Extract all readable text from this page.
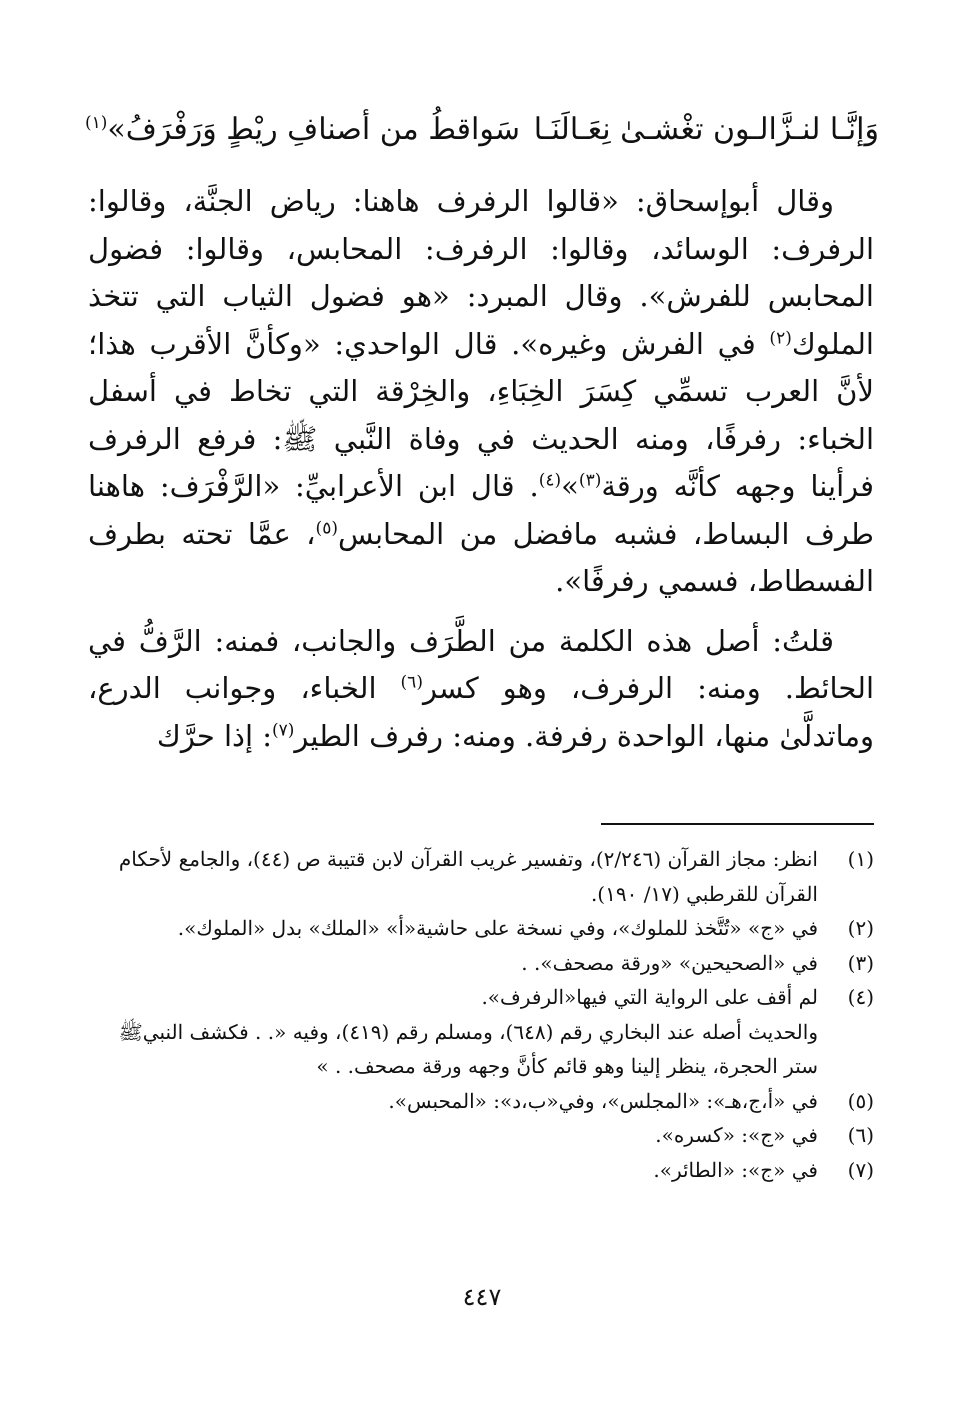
وَإنَّـا لنـزَّالـون تغْشـىٰ نِعَـالَنَـا
سَواقطُ من أصنافِ ريْطٍ وَرَفْرَفُ»$^{(١)}$

وقال أبوإسحاق: «قالوا الرفرف هاهنا: رياض الجنَّة، وقالوا: الرفرف: الوسائد، وقالوا: الرفرف: المحابس، وقالوا: فضول المحابس للفرش». وقال المبرد: «هو فضول الثياب التي تتخذ الملوك$^{(٢)}$ في الفرش وغيره». قال الواحدي: «وكأنَّ الأقرب هذا؛ لأنَّ العرب تسمِّي كِسَرَ الخِبَاءِ، والخِرْقة التي تخاط في أسفل الخباء: رفرفًا، ومنه الحديث في وفاة النَّبي ﷺ: فرفع الرفرف فرأينا وجهه كأنَّه ورقة$^{(٣)}$»$^{(٤)}$. قال ابن الأعرابيِّ: «الرَّفْرَف: هاهنا طرف البساط، فشبه مافضل من المحابس$^{(٥)}$، عمَّا تحته بطرف الفسطاط، فسمي رفرفًا».

قلتُ: أصل هذه الكلمة من الطَّرَف والجانب، فمنه: الرَّفُّ في الحائط. ومنه: الرفرف، وهو كسر$^{(٦)}$ الخباء، وجوانب الدرع، وماتدلَّىٰ منها، الواحدة رفرفة. ومنه: رفرف الطير$^{(٧)}$: إذا حرَّك

(١)
انظر: مجاز القرآن (٢/٢٤٦)، وتفسير غريب القرآن لابن قتيبة ص (٤٤)، والجامع لأحكام القرآن للقرطبي (١٧/ ١٩٠).
(٢)
في «ج» «تُتَّخذ للملوك»، وفي نسخة على حاشية«أ» «الملك» بدل «الملوك».
(٣)
في «الصحيحين» «ورقة مصحف». .
(٤)
لم أقف على الرواية التي فيها«الرفرف».
والحديث أصله عند البخاري رقم (٦٤٨)، ومسلم رقم (٤١٩)، وفيه «. . فكشف النبيﷺ ستر الحجرة، ينظر إلينا وهو قائم كأنَّ وجهه ورقة مصحف. . »
(٥)
في «أ،ج،هـ»: «المجلس»، وفي«ب،د»: «المحبس».
(٦)
في «ج»: «كسره».
(٧)
في «ج»: «الطائر».
٤٤٧
